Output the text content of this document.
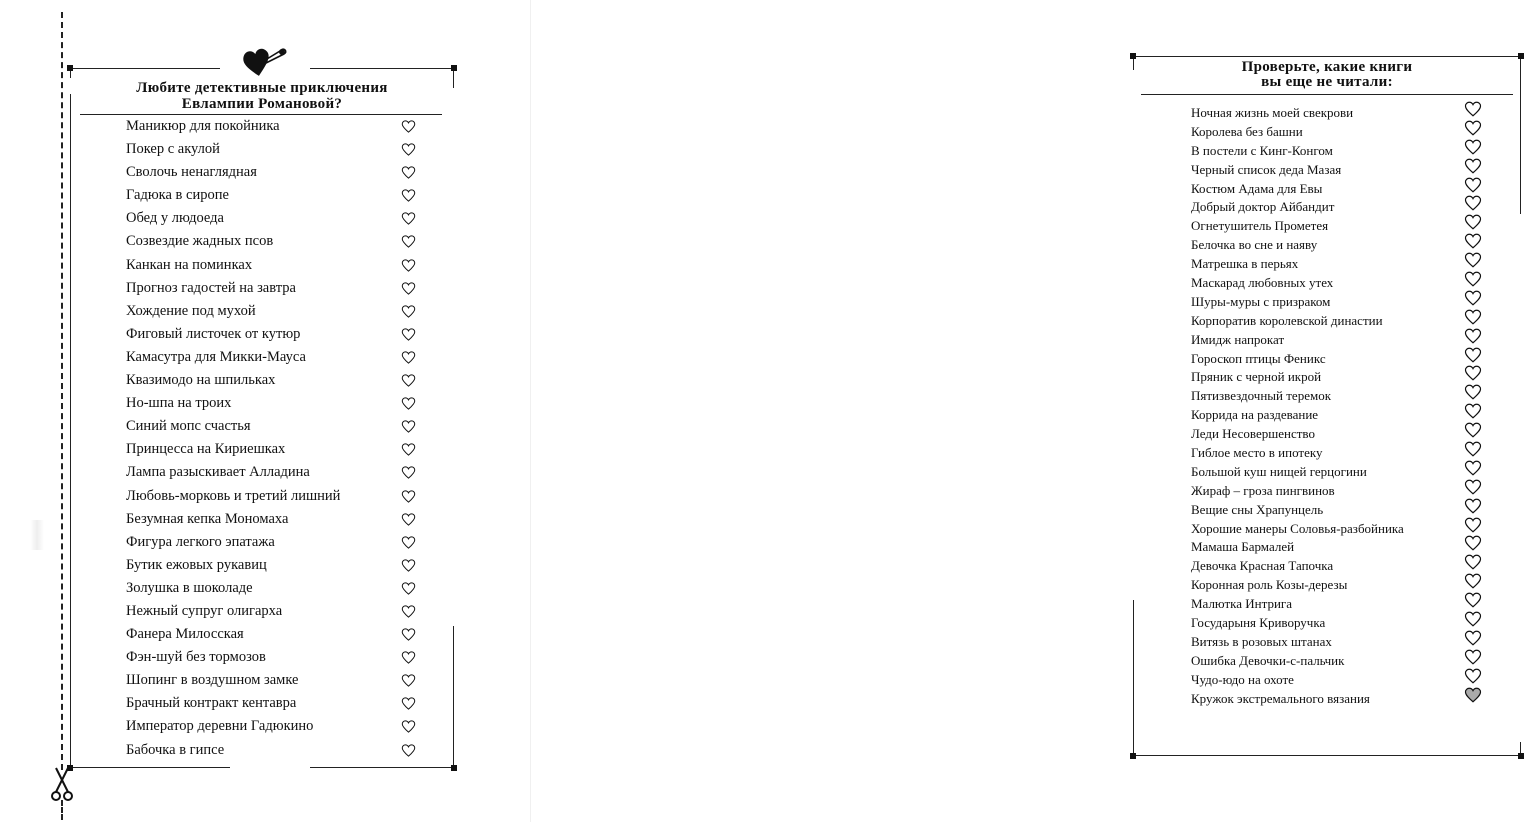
Любите детективные приключения
Евлампии Романовой?
Маникюр для покойника
Покер с акулой
Сволочь ненаглядная
Гадюка в сиропе
Обед у людоеда
Созвездие жадных псов
Канкан на поминках
Прогноз гадостей на завтра
Хождение под мухой
Фиговый листочек от кутюр
Камасутра для Микки-Мауса
Квазимодо на шпильках
Но-шпа на троих
Синий мопс счастья
Принцесса на Кириешках
Лампа разыскивает Алладина
Любовь-морковь и третий лишний
Безумная кепка Мономаха
Фигура легкого эпатажа
Бутик ежовых рукавиц
Золушка в шоколаде
Нежный супруг олигарха
Фанера Милосская
Фэн-шуй без тормозов
Шопинг в воздушном замке
Брачный контракт кентавра
Император деревни Гадюкино
Бабочка в гипсе
Проверьте, какие книги
вы еще не читали:
Ночная жизнь моей свекрови
Королева без башни
В постели с Кинг-Конгом
Черный список деда Мазая
Костюм Адама для Евы
Добрый доктор Айбандит
Огнетушитель Прометея
Белочка во сне и наяву
Матрешка в перьях
Маскарад любовных утех
Шуры-муры с призраком
Корпоратив королевской династии
Имидж напрокат
Гороскоп птицы Феникс
Пряник с черной икрой
Пятизвездочный теремок
Коррида на раздевание
Леди Несовершенство
Гиблое место в ипотеку
Большой куш нищей герцогини
Жираф – гроза пингвинов
Вещие сны Храпунцель
Хорошие манеры Соловья-разбойника
Мамаша Бармалей
Девочка Красная Тапочка
Коронная роль Козы-дерезы
Малютка Интрига
Государыня Криворучка
Витязь в розовых штанах
Ошибка Девочки-с-пальчик
Чудо-юдо на охоте
Кружок экстремального вязания
